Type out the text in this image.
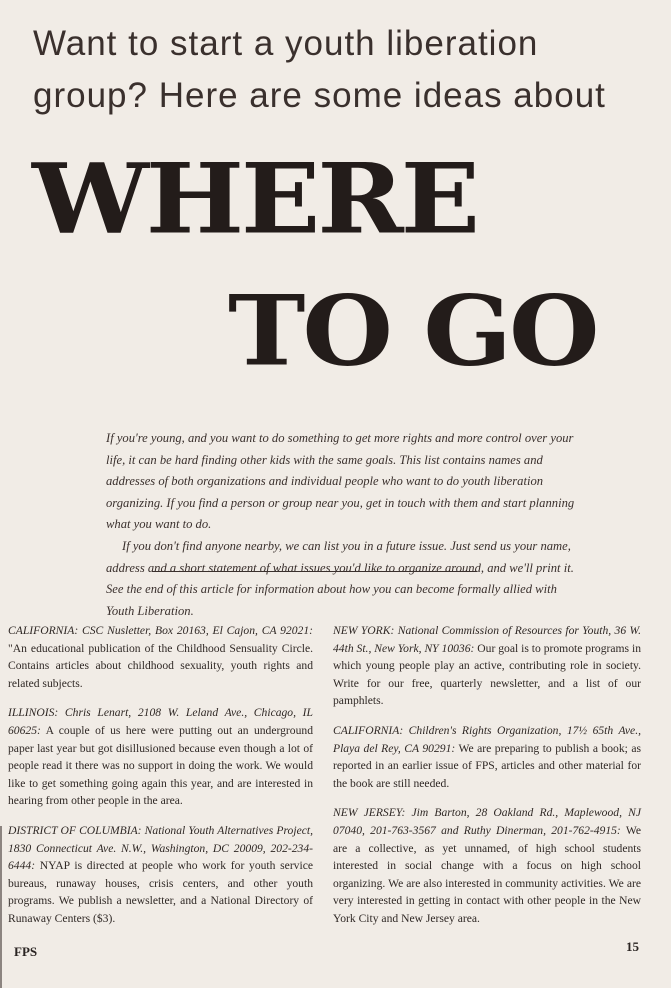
Want to start a youth liberation group? Here are some ideas about
WHERE
TO GO

If you're young, and you want to do something to get more rights and more control over your life, it can be hard finding other kids with the same goals. This list contains names and addresses of both organizations and individual people who want to do youth liberation organizing. If you find a person or group near you, get in touch with them and start planning what you want to do.

If you don't find anyone nearby, we can list you in a future issue. Just send us your name, address and a short statement of what issues you'd like to organize around, and we'll print it. See the end of this article for information about how you can become formally allied with Youth Liberation.

CALIFORNIA: CSC Nusletter, Box 20163, El Cajon, CA 92021: "An educational publication of the Childhood Sensuality Circle. Contains articles about childhood sexuality, youth rights and related subjects.

ILLINOIS: Chris Lenart, 2108 W. Leland Ave., Chicago, IL 60625: A couple of us here were putting out an underground paper last year but got disillusioned because even though a lot of people read it there was no support in doing the work. We would like to get something going again this year, and are interested in hearing from other people in the area.

DISTRICT OF COLUMBIA: National Youth Alternatives Project, 1830 Connecticut Ave. N.W., Washington, DC 20009, 202-234-6444: NYAP is directed at people who work for youth service bureaus, runaway houses, crisis centers, and other youth programs. We publish a newsletter, and a National Directory of Runaway Centers ($3).

NEW YORK: National Commission of Resources for Youth, 36 W. 44th St., New York, NY 10036: Our goal is to promote programs in which young people play an active, contributing role in society. Write for our free, quarterly newsletter, and a list of our pamphlets.

CALIFORNIA: Children's Rights Organization, 17½ 65th Ave., Playa del Rey, CA 90291: We are preparing to publish a book; as reported in an earlier issue of FPS, articles and other material for the book are still needed.

NEW JERSEY: Jim Barton, 28 Oakland Rd., Maplewood, NJ 07040, 201-763-3567 and Ruthy Dinerman, 201-762-4915: We are a collective, as yet unnamed, of high school students interested in social change with a focus on high school organizing. We are also interested in community activities. We are very interested in getting in contact with other people in the New York City and New Jersey area.

FPS	15
